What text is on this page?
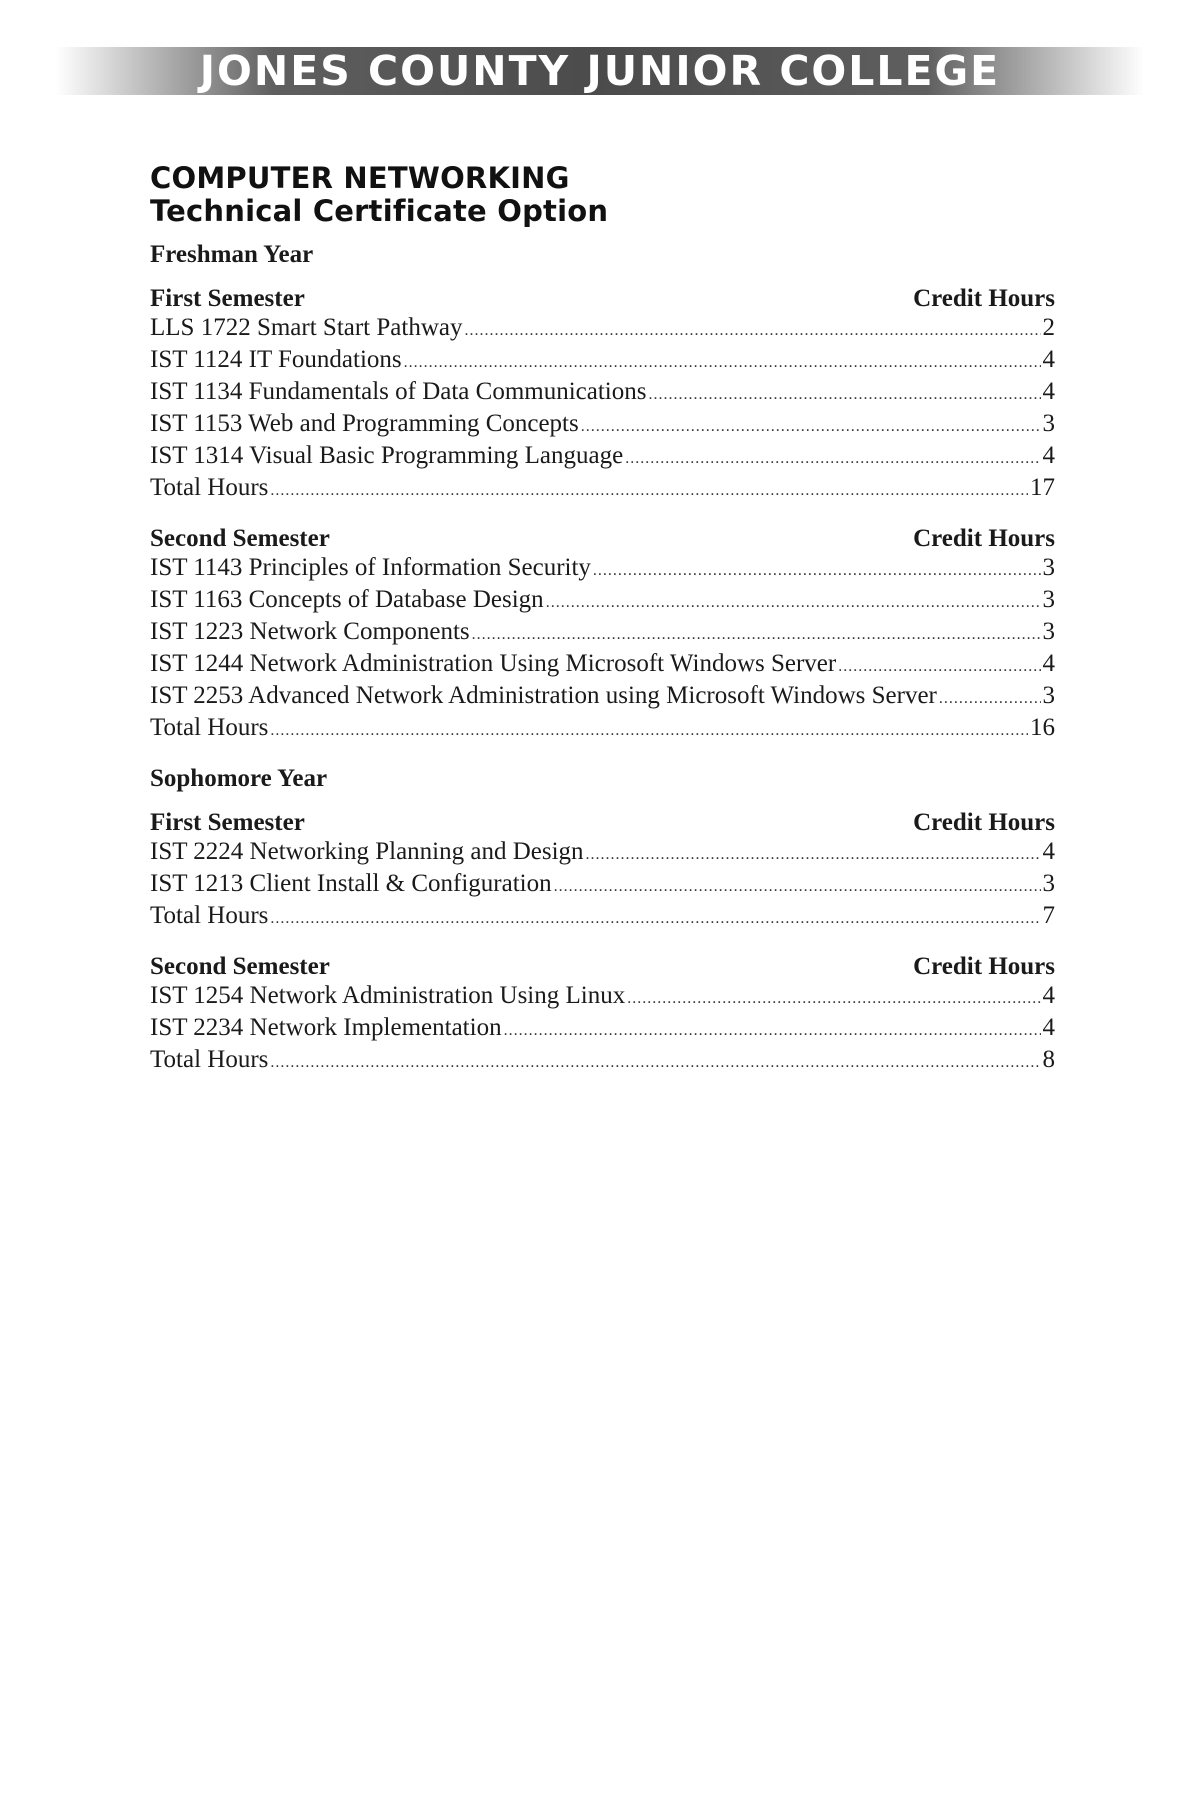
JONES COUNTY JUNIOR COLLEGE
COMPUTER NETWORKING
Technical Certificate Option
Freshman Year
First Semester	Credit Hours
LLS 1722 Smart Start Pathway .....	2
IST 1124 IT Foundations .....	4
IST 1134 Fundamentals of Data Communications .....	4
IST 1153 Web and Programming Concepts .....	3
IST 1314 Visual Basic Programming Language .....	4
Total Hours .....	17
Second Semester	Credit Hours
IST 1143 Principles of Information Security .....	3
IST 1163 Concepts of Database Design .....	3
IST 1223 Network Components .....	3
IST 1244 Network Administration Using Microsoft Windows Server .....	4
IST 2253 Advanced Network Administration using Microsoft Windows Server .....	3
Total Hours .....	16
Sophomore Year
First Semester	Credit Hours
IST 2224 Networking Planning and Design .....	4
IST 1213 Client Install & Configuration .....	3
Total Hours .....	7
Second Semester	Credit Hours
IST 1254 Network Administration Using Linux .....	4
IST 2234 Network Implementation .....	4
Total Hours .....	8
